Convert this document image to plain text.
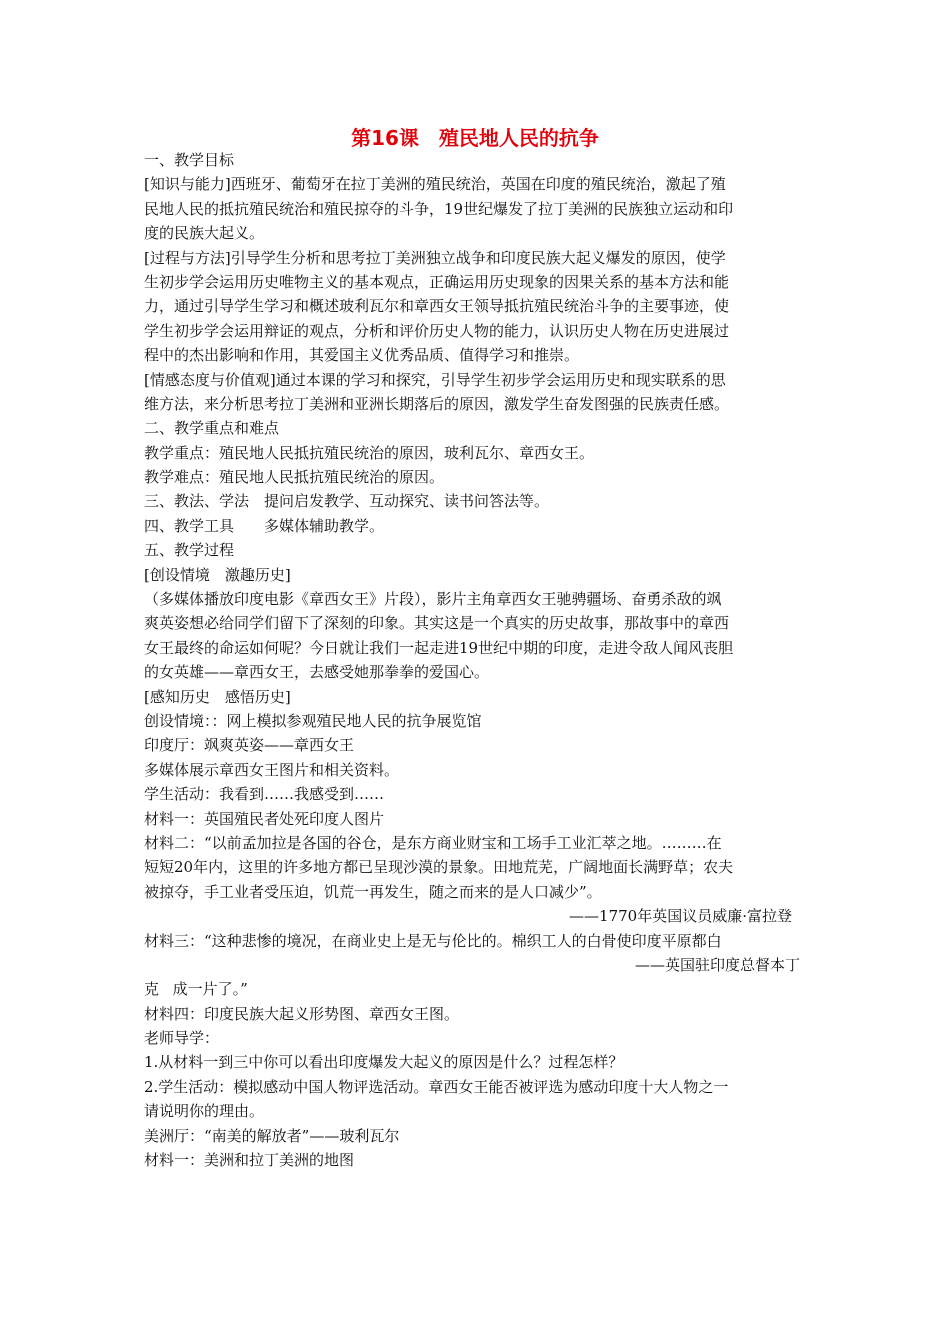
第16课　殖民地人民的抗争
一、教学目标
[知识与能力]西班牙、葡萄牙在拉丁美洲的殖民统治，英国在印度的殖民统治，激起了殖
民地人民的抵抗殖民统治和殖民掠夺的斗争，19世纪爆发了拉丁美洲的民族独立运动和印
度的民族大起义。
[过程与方法]引导学生分析和思考拉丁美洲独立战争和印度民族大起义爆发的原因，使学
生初步学会运用历史唯物主义的基本观点，正确运用历史现象的因果关系的基本方法和能
力，通过引导学生学习和概述玻利瓦尔和章西女王领导抵抗殖民统治斗争的主要事迹，使
学生初步学会运用辩证的观点，分析和评价历史人物的能力，认识历史人物在历史进展过
程中的杰出影响和作用，其爱国主义优秀品质、值得学习和推崇。
[情感态度与价值观]通过本课的学习和探究，引导学生初步学会运用历史和现实联系的思
维方法，来分析思考拉丁美洲和亚洲长期落后的原因，激发学生奋发图强的民族责任感。
二、教学重点和难点
教学重点：殖民地人民抵抗殖民统治的原因，玻利瓦尔、章西女王。
教学难点：殖民地人民抵抗殖民统治的原因。
三、教法、学法　提问启发教学、互动探究、读书问答法等。
四、教学工具　　多媒体辅助教学。
五、教学过程
[创设情境　激趣历史]
（多媒体播放印度电影《章西女王》片段），影片主角章西女王驰骋疆场、奋勇杀敌的飒
爽英姿想必给同学们留下了深刻的印象。其实这是一个真实的历史故事，那故事中的章西
女王最终的命运如何呢？今日就让我们一起走进19世纪中期的印度，走进令敌人闻风丧胆
的女英雄——章西女王，去感受她那拳拳的爱国心。
[感知历史　感悟历史]
创设情境：：网上模拟参观殖民地人民的抗争展览馆
印度厅：飒爽英姿——章西女王
多媒体展示章西女王图片和相关资料。
学生活动：我看到……我感受到……
材料一：英国殖民者处死印度人图片
材料二：“以前孟加拉是各国的谷仓，是东方商业财宝和工场手工业汇萃之地。………在
短短20年内，这里的许多地方都已呈现沙漠的景象。田地荒芜，广阔地面长满野草；农夫
被掠夺，手工业者受压迫，饥荒一再发生，随之而来的是人口减少”。
——1770年英国议员威廉·富拉登
材料三：“这种悲惨的境况，在商业史上是无与伦比的。棉织工人的白骨使印度平原都白

成一片了。”

——英国驻印度总督本丁

克
材料四：印度民族大起义形势图、章西女王图。
老师导学：
1.从材料一到三中你可以看出印度爆发大起义的原因是什么？过程怎样？
2.学生活动：模拟感动中国人物评选活动。章西女王能否被评选为感动印度十大人物之一
请说明你的理由。
美洲厅：“南美的解放者”——玻利瓦尔
材料一：美洲和拉丁美洲的地图
